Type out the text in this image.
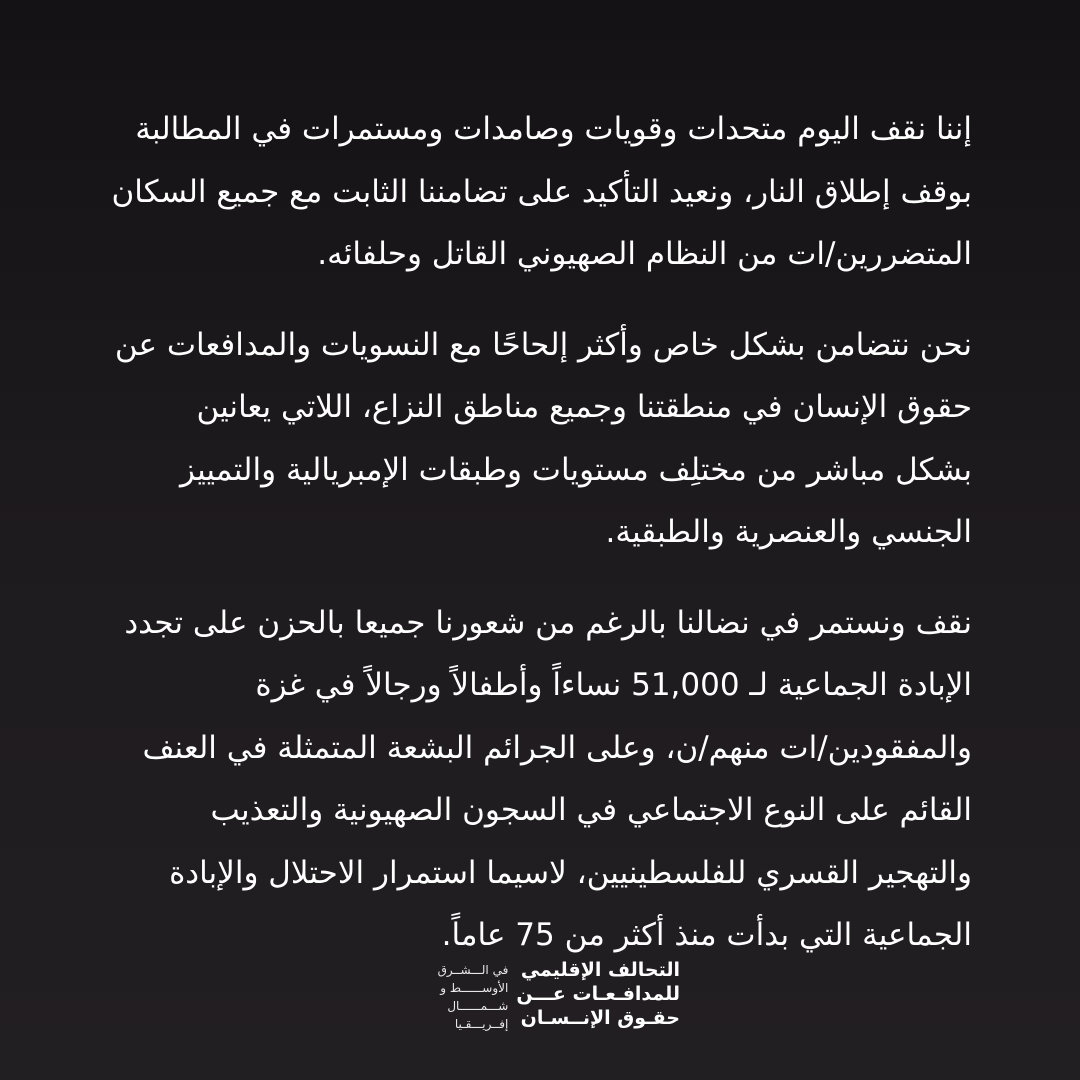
إننا نقف اليوم متحدات وقويات وصامدات ومستمرات في المطالبة بوقف إطلاق النار، ونعيد التأكيد على تضامننا الثابت مع جميع السكان المتضررين/ات من النظام الصهيوني القاتل وحلفائه.

نحن نتضامن بشكل خاص وأكثر إلحاحًا مع النسويات والمدافعات عن حقوق الإنسان في منطقتنا وجميع مناطق النزاع، اللاتي يعانين بشكل مباشر من مختلِف مستويات وطبقات الإمبريالية والتمييز الجنسي والعنصرية والطبقية.

نقف ونستمر في نضالنا بالرغم من شعورنا جميعا بالحزن على تجدد الإبادة الجماعية لـ 51,000 نساءاً وأطفالاً ورجالاً في غزة والمفقودين/ات منهم/ن، وعلى الجرائم البشعة المتمثلة في العنف القائم على النوع الاجتماعي في السجون الصهيونية والتعذيب والتهجير القسري للفلسطينيين، لاسيما استمرار الاحتلال والإبادة الجماعية التي بدأت منذ أكثر من 75 عاماً.

التحالف الإقليمي
للمدافـعـات عـــن
حقـوق الإنــسـان
في الـــشــرق
الأوســــــط و
شـــمــــــال
إفــريـــقـيا
